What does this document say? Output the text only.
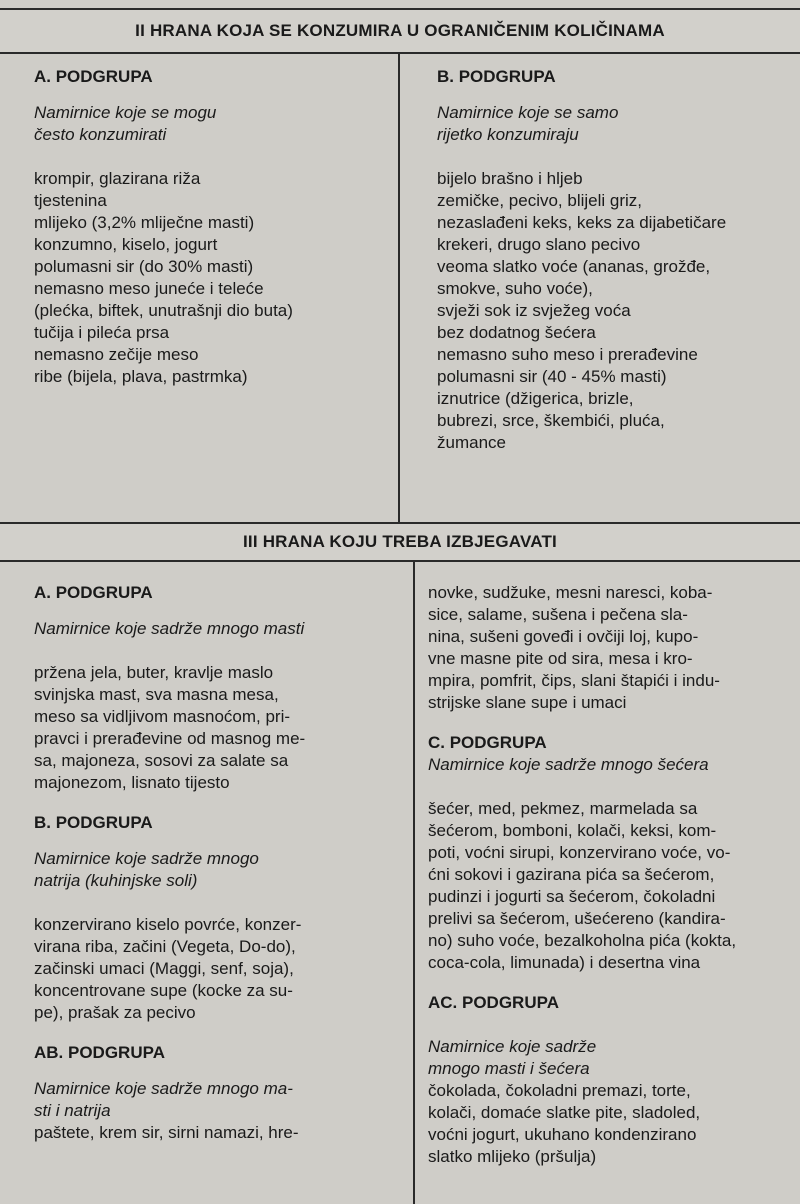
II HRANA KOJA SE KONZUMIRA U OGRANIČENIM KOLIČINAMA
A. PODGRUPA
Namirnice koje se mogu
često konzumirati
krompir, glazirana riža
tjestenina
mlijeko (3,2% mliječne masti)
konzumno, kiselo, jogurt
polumasni sir (do 30% masti)
nemasno meso juneće i teleće
(plećka, biftek, unutrašnji dio buta)
tučija i pileća prsa
nemasno zečije meso
ribe (bijela, plava, pastrmka)
B. PODGRUPA
Namirnice koje se samo
rijetko konzumiraju
bijelo brašno i hljeb
zemičke, pecivo, blijeli griz,
nezaslađeni keks, keks za dijabetičare
krekeri, drugo slano pecivo
veoma slatko voće (ananas, grožđe,
smokve, suho voće),
svježi sok iz svježeg voća
bez dodatnog šećera
nemasno suho meso i prerađevine
polumasni sir (40 - 45% masti)
iznutrice (džigerica, brizle,
bubrezi, srce, škembići, pluća,
žumance
III HRANA KOJU TREBA IZBJEGAVATI
A. PODGRUPA
Namirnice koje sadrže mnogo masti
pržena jela, buter, kravlje maslo
svinjska mast, sva masna mesa,
meso sa vidljivom masnoćom, pri-
pravci i prerađevine od masnog me-
sa, majoneza, sosovi za salate sa
majonezom, lisnato tijesto
B. PODGRUPA
Namirnice koje sadrže mnogo
natrija (kuhinjske soli)
konzervirano kiselo povrće, konzer-
virana riba, začini (Vegeta, Do-do),
začinski umaci (Maggi, senf, soja),
koncentrovane supe (kocke za su-
pe), prašak za pecivo
AB. PODGRUPA
Namirnice koje sadrže mnogo ma-
sti i natrija
paštete, krem sir, sirni namazi, hre-
novke, sudžuke, mesni naresci, koba-
sice, salame, sušena i pečena sla-
nina, sušeni goveđi i ovčiji loj, kupo-
vne masne pite od sira, mesa i kro-
mpira, pomfrit, čips, slani štapići i indu-
strijske slane supe i umaci
C. PODGRUPA
Namirnice koje sadrže mnogo šećera
šećer, med, pekmez, marmelada sa
šećerom, bomboni, kolači, keksi, kom-
poti, voćni sirupi, konzervirano voće, vo-
ćni sokovi i gazirana pića sa šećerom,
pudinzi i jogurti sa šećerom, čokoladni
prelivi sa šećerom, ušećereno (kandira-
no) suho voće, bezalkoholna pića (kokta,
coca-cola, limunada) i desertna vina
AC. PODGRUPA
Namirnice koje sadrže
mnogo masti i šećera
čokolada, čokoladni premazi, torte,
kolači, domaće slatke pite, sladoled,
voćni jogurt, ukuhano kondenzirano
slatko mlijeko (pršulja)
